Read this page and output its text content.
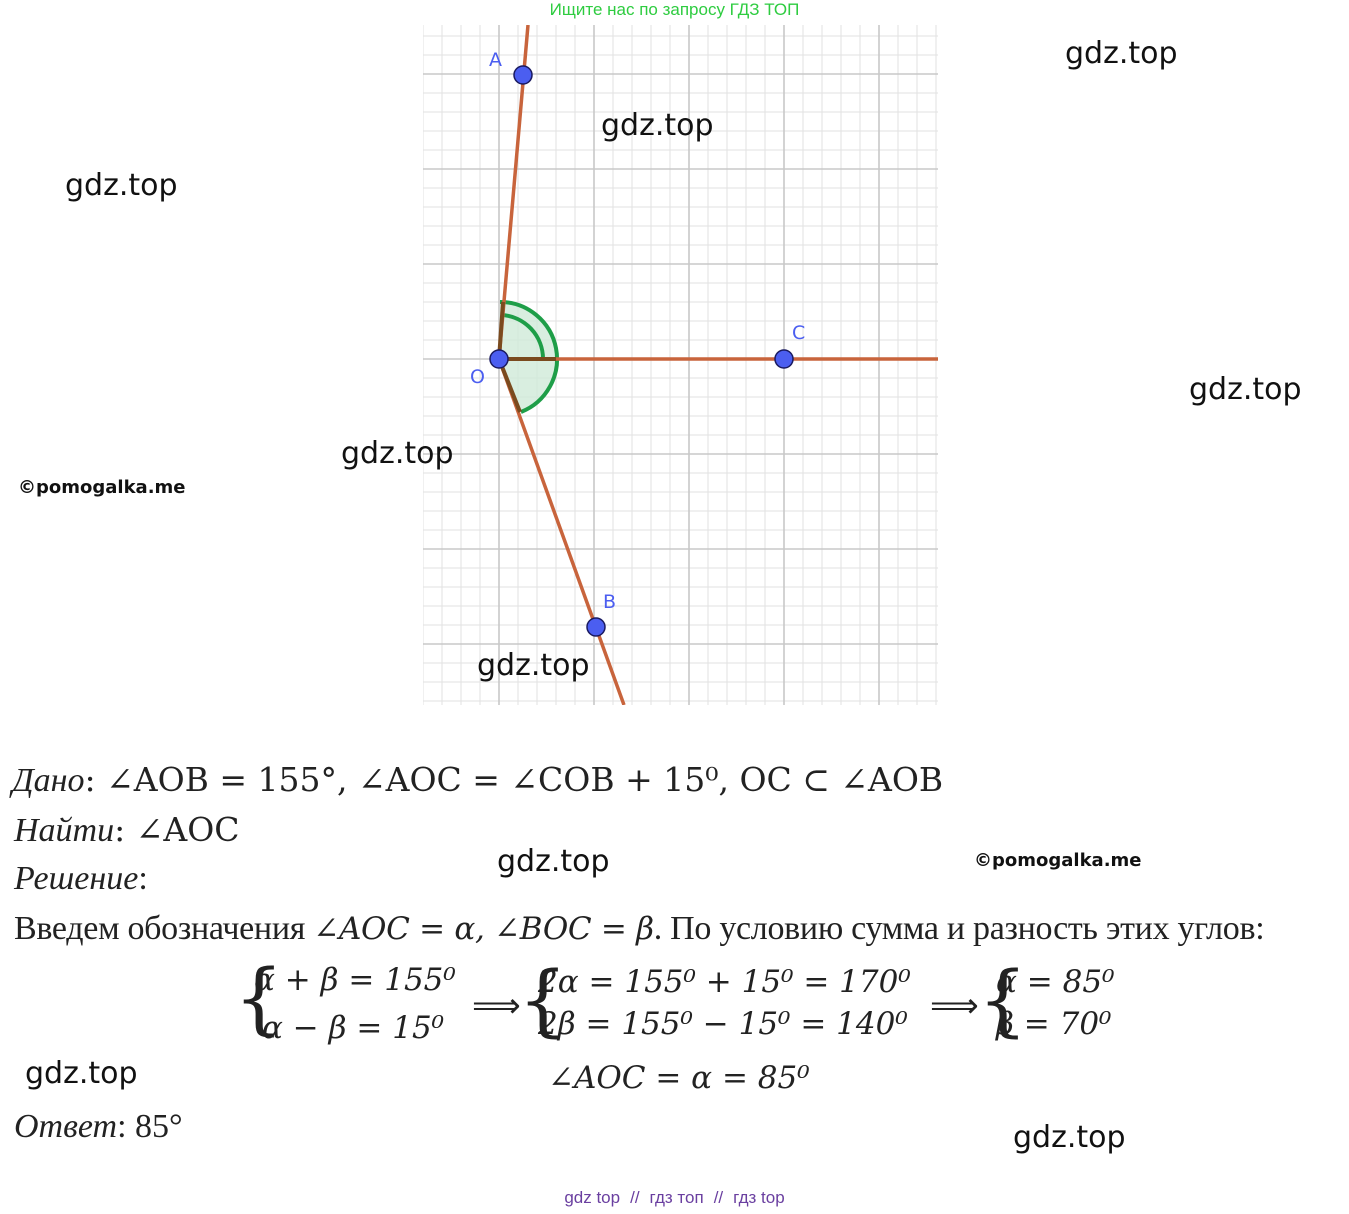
Ищите нас по запросу ГДЗ ТОП
A
O
C
B
gdz.top
gdz.top
gdz.top
gdz.top
gdz.top
gdz.top
gdz.top
gdz.top
gdz.top
©pomogalka.me
©pomogalka.me
Дано: ∠AOB = 155°, ∠AOC = ∠COB + 15⁰, OC ⊂ ∠AOB
Найти: ∠AOC
Решение:
Введем обозначения ∠AOC = α, ∠BOC = β. По условию сумма и разность этих углов:
{
α + β = 155⁰
α − β = 15⁰
⟹
{
2α = 155⁰ + 15⁰ = 170⁰
2β = 155⁰ − 15⁰ = 140⁰ ⟹ {
α = 85⁰
β = 70⁰
∠AOC = α = 85⁰
Ответ: 85°
gdz top // гдз топ // гдз top
